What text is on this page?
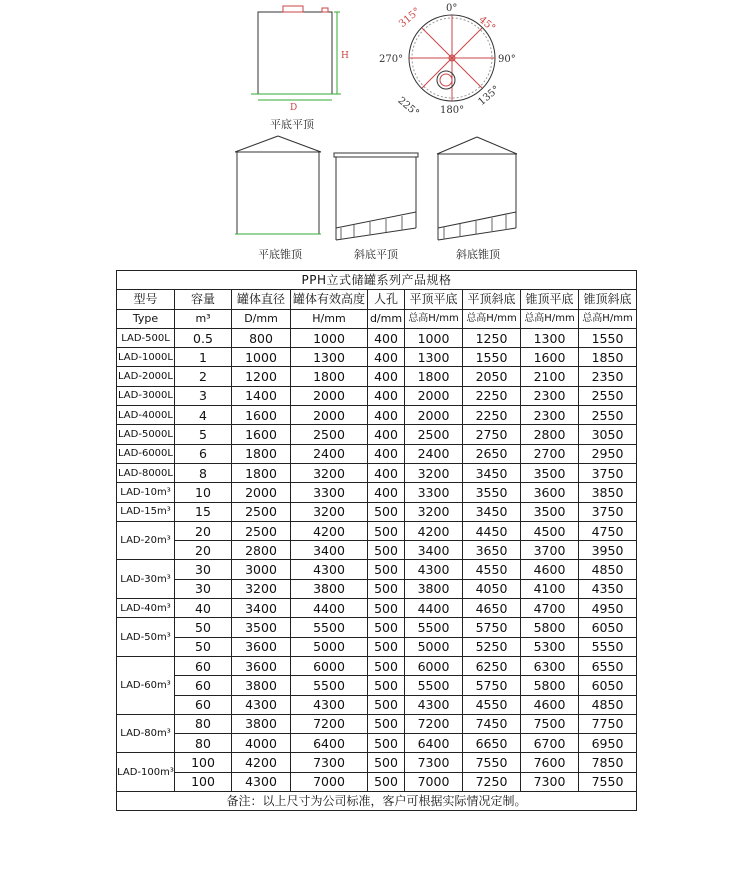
D
H
0°
45°
90°
135°
180°
225°
270°
315°
平底平顶
平底锥顶	斜底平顶	斜底锥顶
PPH立式储罐系列产品规格								
型号	容量	罐体直径	罐体有效高度	人孔	平顶平底	平顶斜底	锥顶平底	锥顶斜底
Type	m³	D/mm	H/mm	d/mm	总高H/mm	总高H/mm	总高H/mm	总高H/mm
LAD-500L	0.5	800	1000	400	1000	1250	1300	1550
LAD-1000L	1	1000	1300	400	1300	1550	1600	1850
LAD-2000L	2	1200	1800	400	1800	2050	2100	2350
LAD-3000L	3	1400	2000	400	2000	2250	2300	2550
LAD-4000L	4	1600	2000	400	2000	2250	2300	2550
LAD-5000L	5	1600	2500	400	2500	2750	2800	3050
LAD-6000L	6	1800	2400	400	2400	2650	2700	2950
LAD-8000L	8	1800	3200	400	3200	3450	3500	3750
LAD-10m³	10	2000	3300	400	3300	3550	3600	3850
LAD-15m³	15	2500	3200	500	3200	3450	3500	3750
LAD-20m³	20	2500	4200	500	4200	4450	4500	4750
	20	2800	3400	500	3400	3650	3700	3950
LAD-30m³	30	3000	4300	500	4300	4550	4600	4850
	30	3200	3800	500	3800	4050	4100	4350
LAD-40m³	40	3400	4400	500	4400	4650	4700	4950
LAD-50m³	50	3500	5500	500	5500	5750	5800	6050
	50	3600	5000	500	5000	5250	5300	5550
LAD-60m³	60	3600	6000	500	6000	6250	6300	6550
	60	3800	5500	500	5500	5750	5800	6050
	60	4300	4300	500	4300	4550	4600	4850
LAD-80m³	80	3800	7200	500	7200	7450	7500	7750
	80	4000	6400	500	6400	6650	6700	6950
LAD-100m³	100	4200	7300	500	7300	7550	7600	7850
	100	4300	7000	500	7000	7250	7300	7550
备注：以上尺寸为公司标准，客户可根据实际情况定制。								
